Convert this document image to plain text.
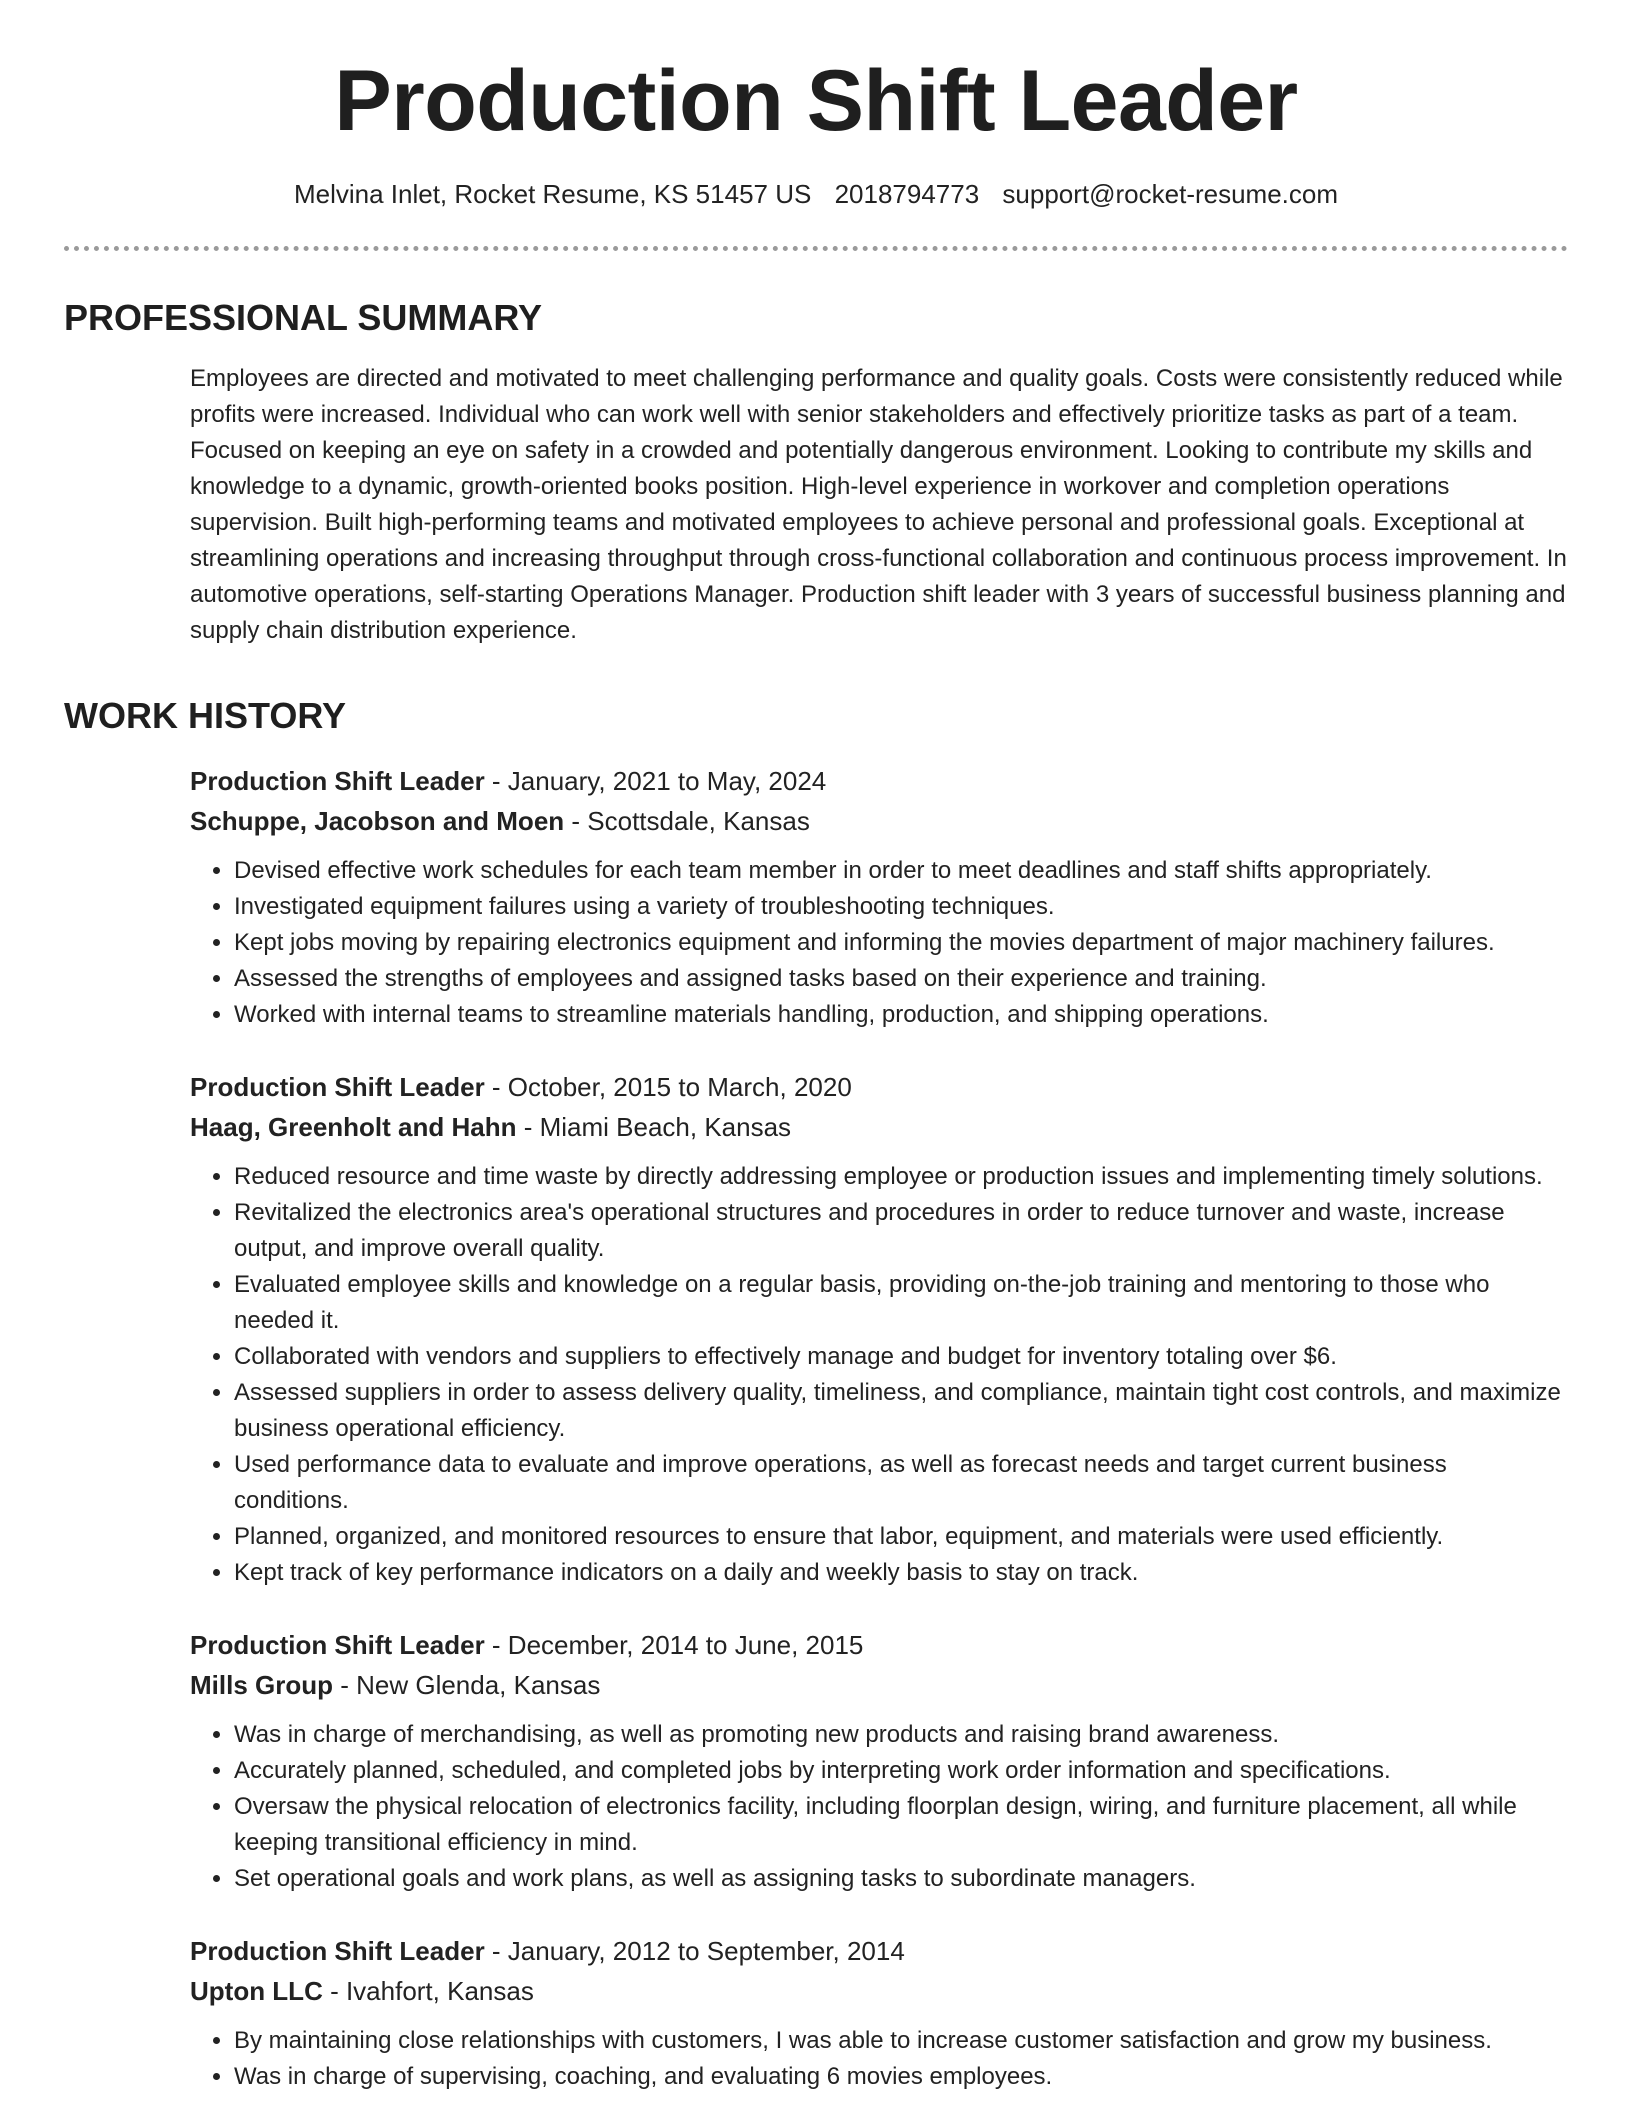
Production Shift Leader
Melvina Inlet, Rocket Resume, KS 51457 US 2018794773 support@rocket-resume.com
PROFESSIONAL SUMMARY
Employees are directed and motivated to meet challenging performance and quality goals. Costs were consistently reduced while profits were increased. Individual who can work well with senior stakeholders and effectively prioritize tasks as part of a team. Focused on keeping an eye on safety in a crowded and potentially dangerous environment. Looking to contribute my skills and knowledge to a dynamic, growth-oriented books position. High-level experience in workover and completion operations supervision. Built high-performing teams and motivated employees to achieve personal and professional goals. Exceptional at streamlining operations and increasing throughput through cross-functional collaboration and continuous process improvement. In automotive operations, self-starting Operations Manager. Production shift leader with 3 years of successful business planning and supply chain distribution experience.
WORK HISTORY
Production Shift Leader - January, 2021 to May, 2024
Schuppe, Jacobson and Moen - Scottsdale, Kansas
• Devised effective work schedules for each team member in order to meet deadlines and staff shifts appropriately.
• Investigated equipment failures using a variety of troubleshooting techniques.
• Kept jobs moving by repairing electronics equipment and informing the movies department of major machinery failures.
• Assessed the strengths of employees and assigned tasks based on their experience and training.
• Worked with internal teams to streamline materials handling, production, and shipping operations.
Production Shift Leader - October, 2015 to March, 2020
Haag, Greenholt and Hahn - Miami Beach, Kansas
• Reduced resource and time waste by directly addressing employee or production issues and implementing timely solutions.
• Revitalized the electronics area's operational structures and procedures in order to reduce turnover and waste, increase output, and improve overall quality.
• Evaluated employee skills and knowledge on a regular basis, providing on-the-job training and mentoring to those who needed it.
• Collaborated with vendors and suppliers to effectively manage and budget for inventory totaling over $6.
• Assessed suppliers in order to assess delivery quality, timeliness, and compliance, maintain tight cost controls, and maximize business operational efficiency.
• Used performance data to evaluate and improve operations, as well as forecast needs and target current business conditions.
• Planned, organized, and monitored resources to ensure that labor, equipment, and materials were used efficiently.
• Kept track of key performance indicators on a daily and weekly basis to stay on track.
Production Shift Leader - December, 2014 to June, 2015
Mills Group - New Glenda, Kansas
• Was in charge of merchandising, as well as promoting new products and raising brand awareness.
• Accurately planned, scheduled, and completed jobs by interpreting work order information and specifications.
• Oversaw the physical relocation of electronics facility, including floorplan design, wiring, and furniture placement, all while keeping transitional efficiency in mind.
• Set operational goals and work plans, as well as assigning tasks to subordinate managers.
Production Shift Leader - January, 2012 to September, 2014
Upton LLC - Ivahfort, Kansas
• By maintaining close relationships with customers, I was able to increase customer satisfaction and grow my business.
• Was in charge of supervising, coaching, and evaluating 6 movies employees.
